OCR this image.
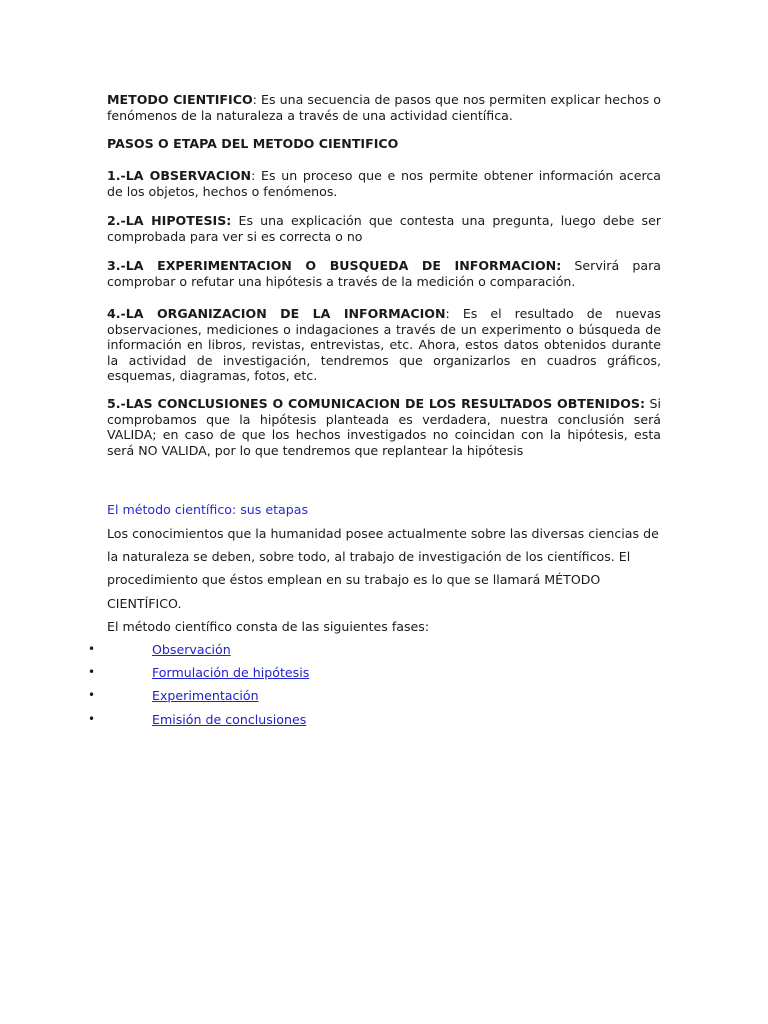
METODO CIENTIFICO: Es una secuencia de pasos que nos permiten explicar hechos o fenómenos de la naturaleza a través de una actividad científica.
PASOS O ETAPA DEL METODO CIENTIFICO
1.-LA OBSERVACION: Es un proceso que e nos permite obtener información acerca de los objetos, hechos o fenómenos.
2.-LA HIPOTESIS: Es una explicación que contesta una pregunta, luego debe ser comprobada para ver si es correcta o no
3.-LA EXPERIMENTACION O BUSQUEDA DE INFORMACION: Servirá para comprobar o refutar una hipótesis a través de la medición o comparación.
4.-LA ORGANIZACION DE LA INFORMACION: Es el resultado de nuevas observaciones, mediciones o indagaciones a través de un experimento o búsqueda de información en libros, revistas, entrevistas, etc. Ahora, estos datos obtenidos durante la actividad de investigación, tendremos que organizarlos en cuadros gráficos, esquemas, diagramas, fotos, etc.
5.-LAS CONCLUSIONES O COMUNICACION DE LOS RESULTADOS OBTENIDOS: Si comprobamos que la hipótesis planteada es verdadera, nuestra conclusión será VALIDA; en caso de que los hechos investigados no coincidan con la hipótesis, esta será NO VALIDA, por lo que tendremos que replantear la hipótesis
El método científico: sus etapas
Los conocimientos que la humanidad posee actualmente sobre las diversas ciencias de la naturaleza se deben, sobre todo, al trabajo de investigación de los científicos. El procedimiento que éstos emplean en su trabajo es lo que se llamará MÉTODO CIENTÍFICO.
El método científico consta de las siguientes fases:
•	Observación
•	Formulación de hipótesis
•	Experimentación
•	Emisión de conclusiones
